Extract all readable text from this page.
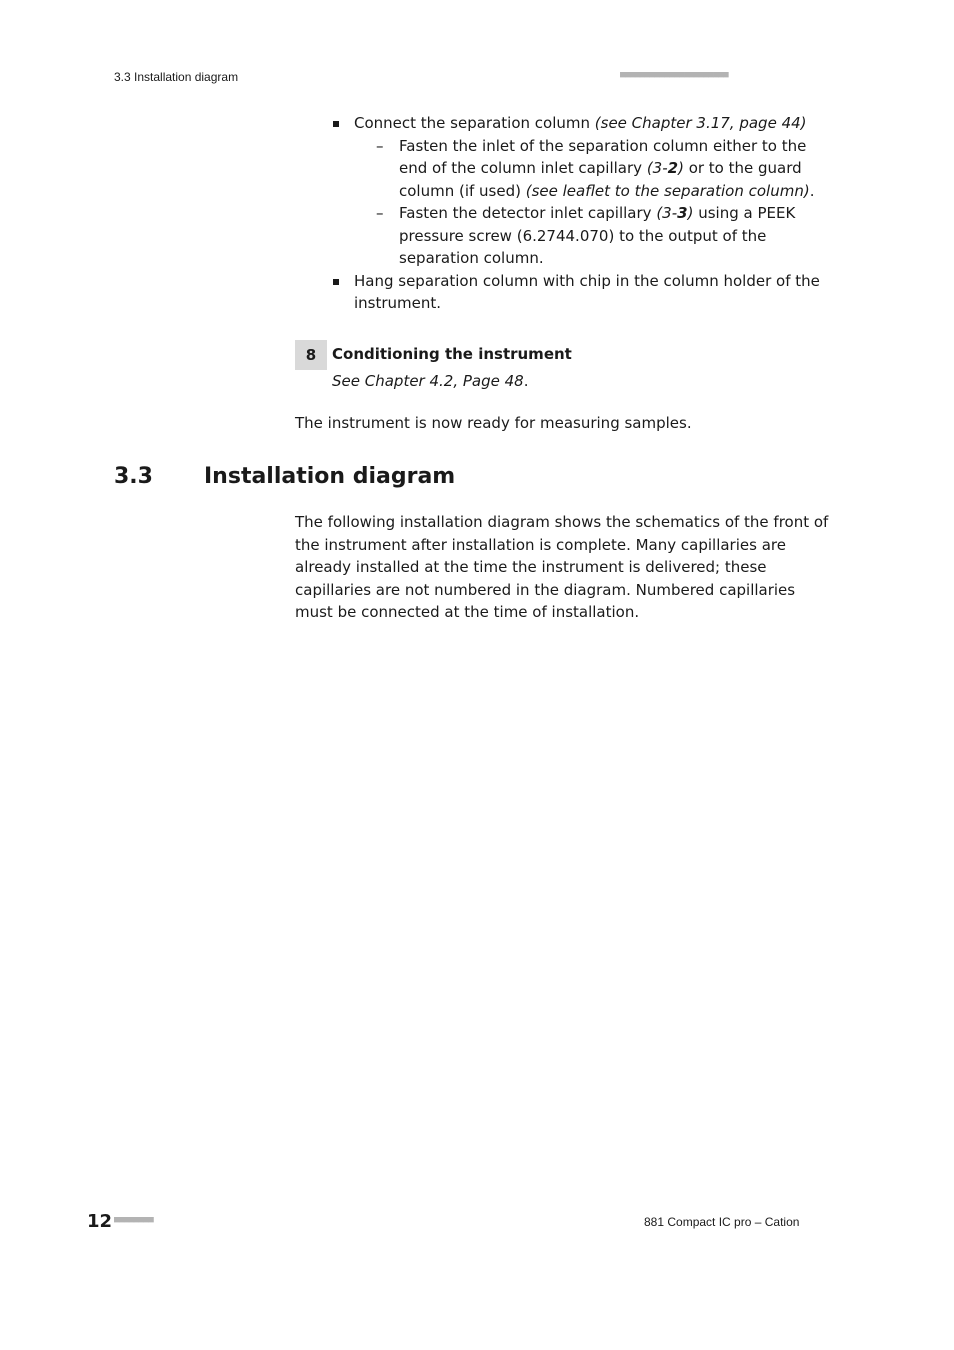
3.3 Installation diagram	■■■■■■■■■■■■■■■■■■■■■■
Connect the separation column (see Chapter 3.17, page 44)
– Fasten the inlet of the separation column either to the end of the column inlet capillary (3-2) or to the guard column (if used) (see leaflet to the separation column).
– Fasten the detector inlet capillary (3-3) using a PEEK pressure screw (6.2744.070) to the output of the separation column.
Hang separation column with chip in the column holder of the instrument.
8	Conditioning the instrument
See Chapter 4.2, Page 48.
The instrument is now ready for measuring samples.
3.3 Installation diagram

The following installation diagram shows the schematics of the front of the instrument after installation is complete. Many capillaries are already installed at the time the instrument is delivered; these capillaries are not numbered in the diagram. Numbered capillaries must be connected at the time of installation.

12 ■■■■■■■■	881 Compact IC pro – Cation
